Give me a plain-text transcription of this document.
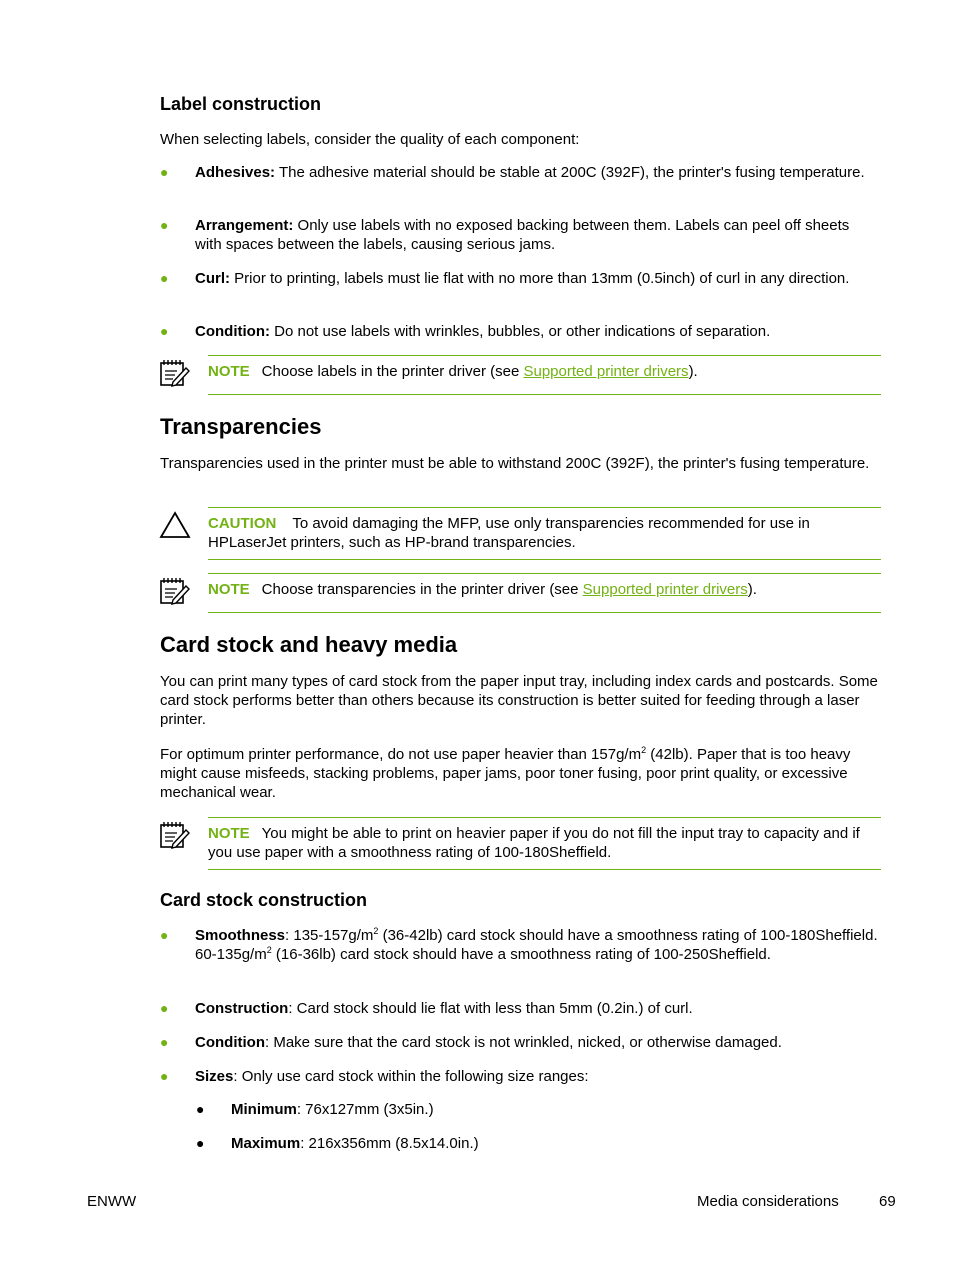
Label construction
When selecting labels, consider the quality of each component:
● Adhesives: The adhesive material should be stable at 200C (392F), the printer's fusing temperature.
● Arrangement: Only use labels with no exposed backing between them. Labels can peel off sheets with spaces between the labels, causing serious jams.
● Curl: Prior to printing, labels must lie flat with no more than 13mm (0.5inch) of curl in any direction.
● Condition: Do not use labels with wrinkles, bubbles, or other indications of separation.
NOTE Choose labels in the printer driver (see Supported printer drivers).
Transparencies
Transparencies used in the printer must be able to withstand 200C (392F), the printer's fusing temperature.
CAUTION To avoid damaging the MFP, use only transparencies recommended for use in HPLaserJet printers, such as HP-brand transparencies.
NOTE Choose transparencies in the printer driver (see Supported printer drivers).
Card stock and heavy media
You can print many types of card stock from the paper input tray, including index cards and postcards. Some card stock performs better than others because its construction is better suited for feeding through a laser printer.
For optimum printer performance, do not use paper heavier than $157g/m^2$ (42lb). Paper that is too heavy might cause misfeeds, stacking problems, paper jams, poor toner fusing, poor print quality, or excessive mechanical wear.
NOTE You might be able to print on heavier paper if you do not fill the input tray to capacity and if you use paper with a smoothness rating of 100-180Sheffield.
Card stock construction
● Smoothness: $135-157g/m^2$ (36-42lb) card stock should have a smoothness rating of 100-180Sheffield. $60-135g/m^2$ (16-36lb) card stock should have a smoothness rating of 100-250Sheffield.
● Construction: Card stock should lie flat with less than 5mm (0.2in.) of curl.
● Condition: Make sure that the card stock is not wrinkled, nicked, or otherwise damaged.
● Sizes: Only use card stock within the following size ranges:
● Minimum: 76x127mm (3x5in.)
● Maximum: 216x356mm (8.5x14.0in.)
ENWW	Media considerations	69
